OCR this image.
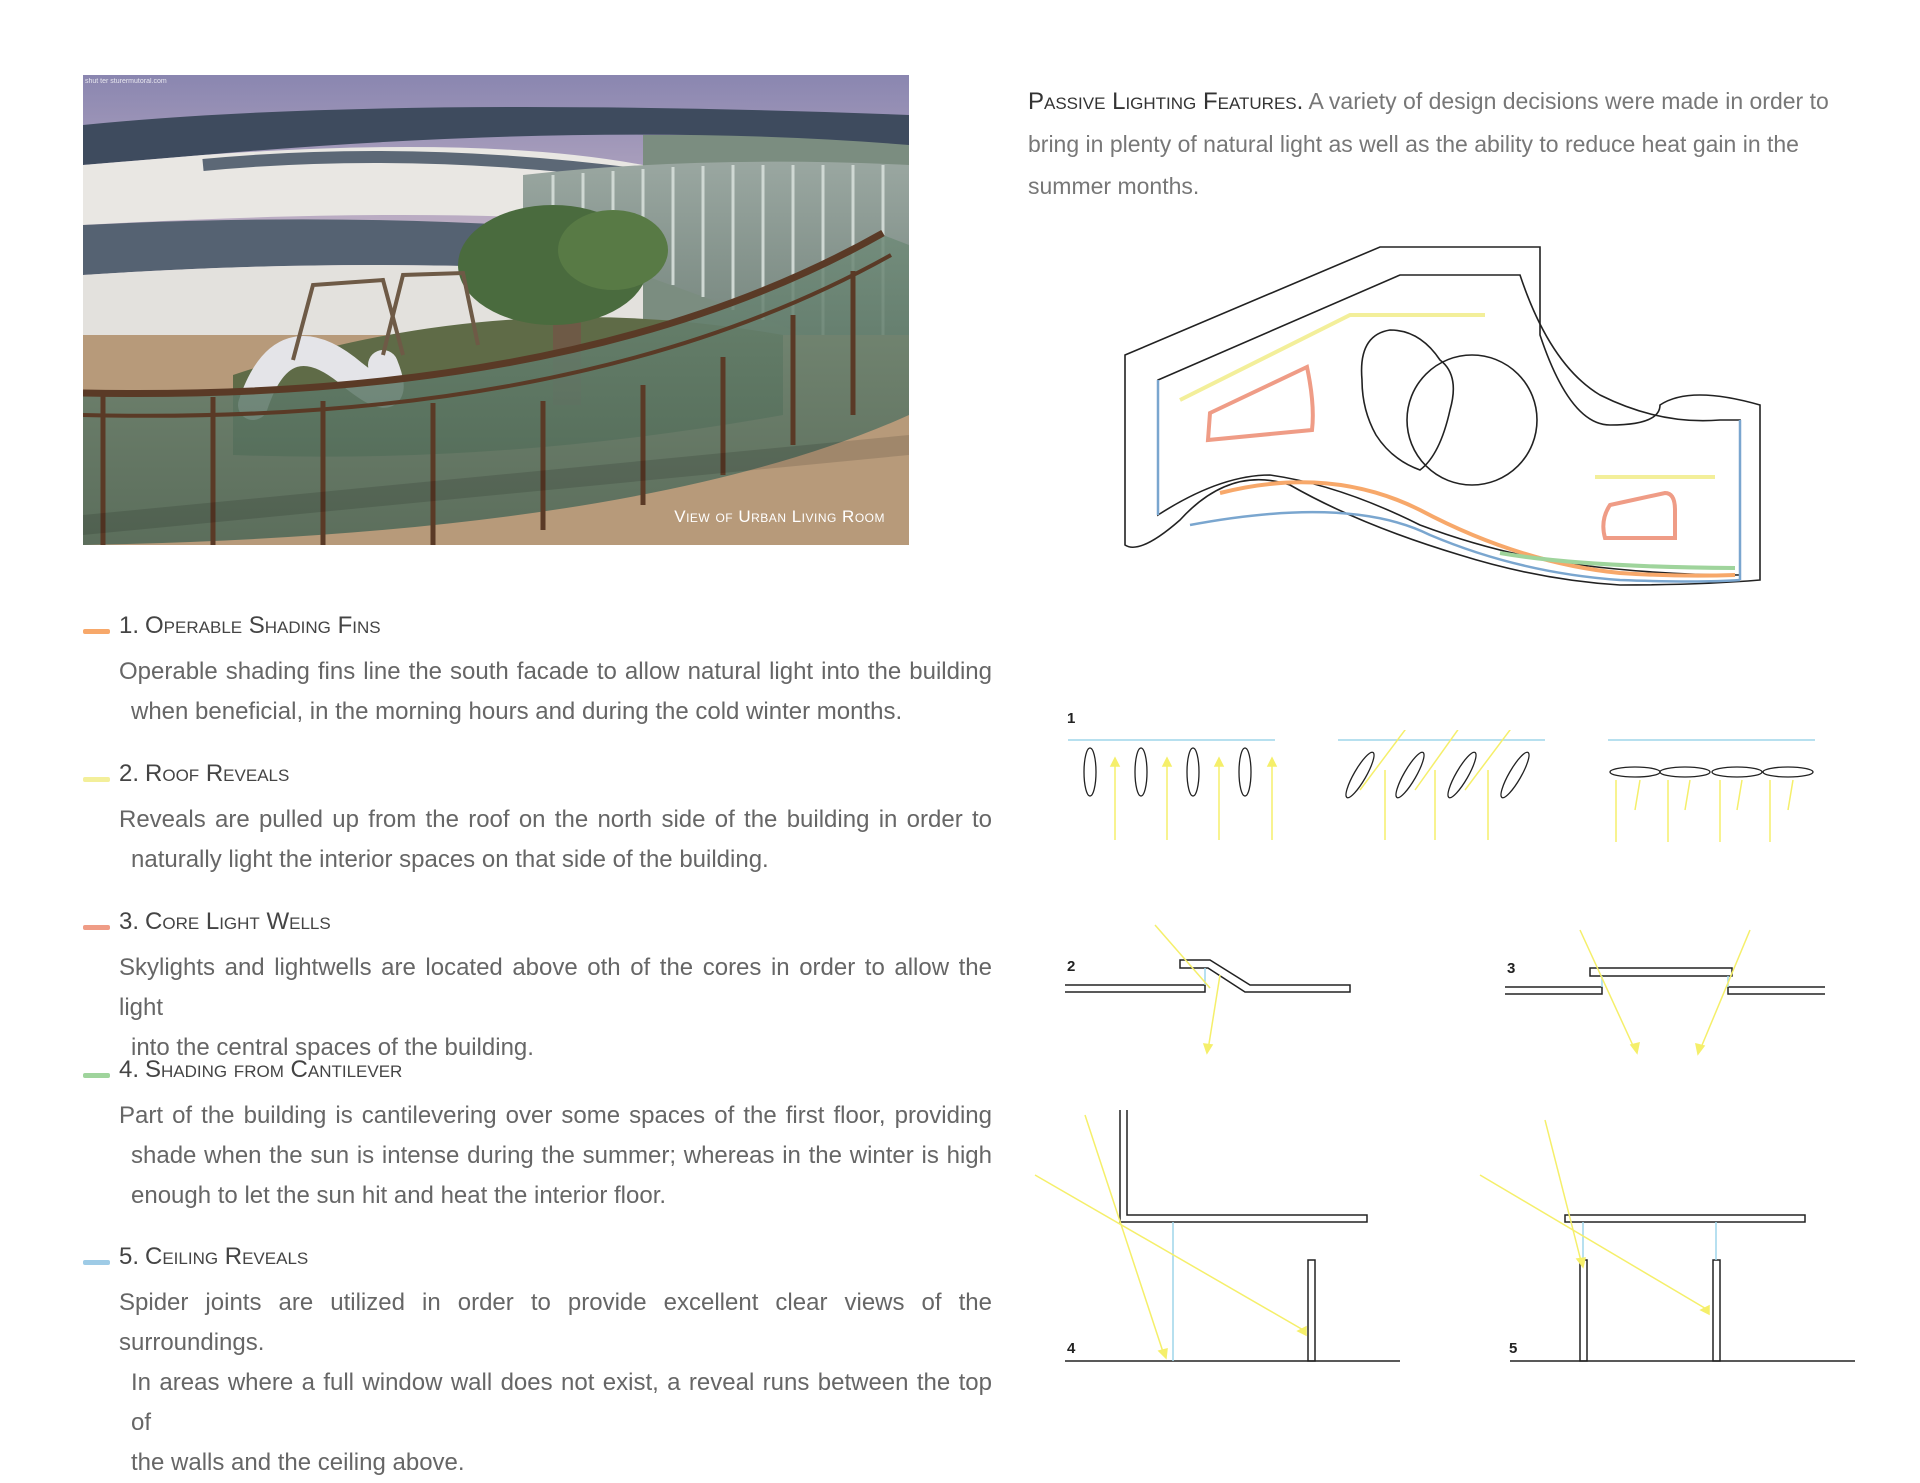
shut ter sturermutoral.com
View of Urban Living Room
Passive Lighting Features. A variety of design decisions were made in order to bring in plenty of natural light as well as the ability to reduce heat gain in the summer months.
1. Operable Shading Fins

Operable shading fins line the south facade to allow natural light into the building
when beneficial, in the morning hours and during the cold winter months.

2. Roof Reveals

Reveals are pulled up from the roof on the north side of the building in order to
naturally light the interior spaces on that side of the building.

3. Core Light Wells

Skylights and lightwells are located above oth of the cores in order to allow the light
into the central spaces of the building.

4. Shading from Cantilever

Part of the building is cantilevering over some spaces of the first floor, providing
shade when the sun is intense during the summer; whereas in the winter is high
enough to let the sun hit and heat the interior floor.

5. Ceiling Reveals

Spider joints are utilized in order to provide excellent clear views of the surroundings.
In areas where a full window wall does not exist, a reveal runs between the top of
the walls and the ceiling above.

1
2	3
4	5
